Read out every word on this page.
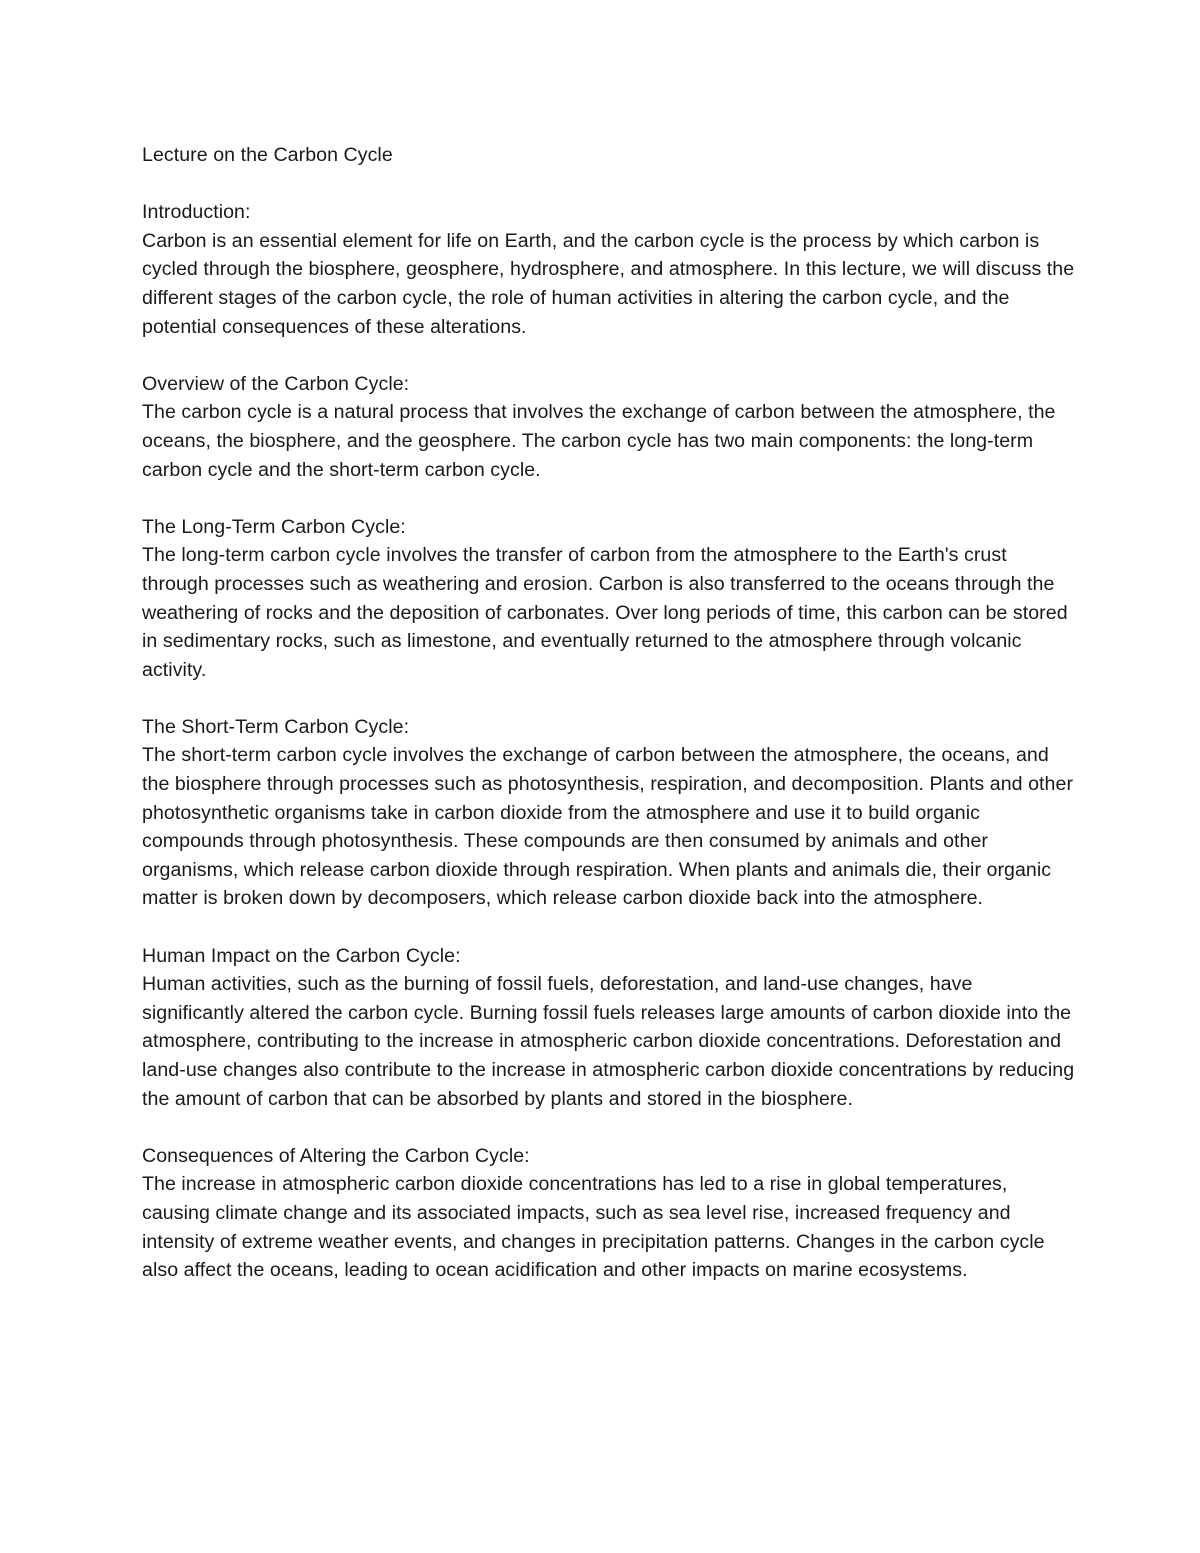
Lecture on the Carbon Cycle
Introduction:

Carbon is an essential element for life on Earth, and the carbon cycle is the process by which carbon is cycled through the biosphere, geosphere, hydrosphere, and atmosphere. In this lecture, we will discuss the different stages of the carbon cycle, the role of human activities in altering the carbon cycle, and the potential consequences of these alterations.

Overview of the Carbon Cycle:

The carbon cycle is a natural process that involves the exchange of carbon between the atmosphere, the oceans, the biosphere, and the geosphere. The carbon cycle has two main components: the long-term carbon cycle and the short-term carbon cycle.

The Long-Term Carbon Cycle:

The long-term carbon cycle involves the transfer of carbon from the atmosphere to the Earth's crust through processes such as weathering and erosion. Carbon is also transferred to the oceans through the weathering of rocks and the deposition of carbonates. Over long periods of time, this carbon can be stored in sedimentary rocks, such as limestone, and eventually returned to the atmosphere through volcanic activity.

The Short-Term Carbon Cycle:

The short-term carbon cycle involves the exchange of carbon between the atmosphere, the oceans, and the biosphere through processes such as photosynthesis, respiration, and decomposition. Plants and other photosynthetic organisms take in carbon dioxide from the atmosphere and use it to build organic compounds through photosynthesis. These compounds are then consumed by animals and other organisms, which release carbon dioxide through respiration. When plants and animals die, their organic matter is broken down by decomposers, which release carbon dioxide back into the atmosphere.

Human Impact on the Carbon Cycle:

Human activities, such as the burning of fossil fuels, deforestation, and land-use changes, have significantly altered the carbon cycle. Burning fossil fuels releases large amounts of carbon dioxide into the atmosphere, contributing to the increase in atmospheric carbon dioxide concentrations. Deforestation and land-use changes also contribute to the increase in atmospheric carbon dioxide concentrations by reducing the amount of carbon that can be absorbed by plants and stored in the biosphere.

Consequences of Altering the Carbon Cycle:

The increase in atmospheric carbon dioxide concentrations has led to a rise in global temperatures, causing climate change and its associated impacts, such as sea level rise, increased frequency and intensity of extreme weather events, and changes in precipitation patterns. Changes in the carbon cycle also affect the oceans, leading to ocean acidification and other impacts on marine ecosystems.
